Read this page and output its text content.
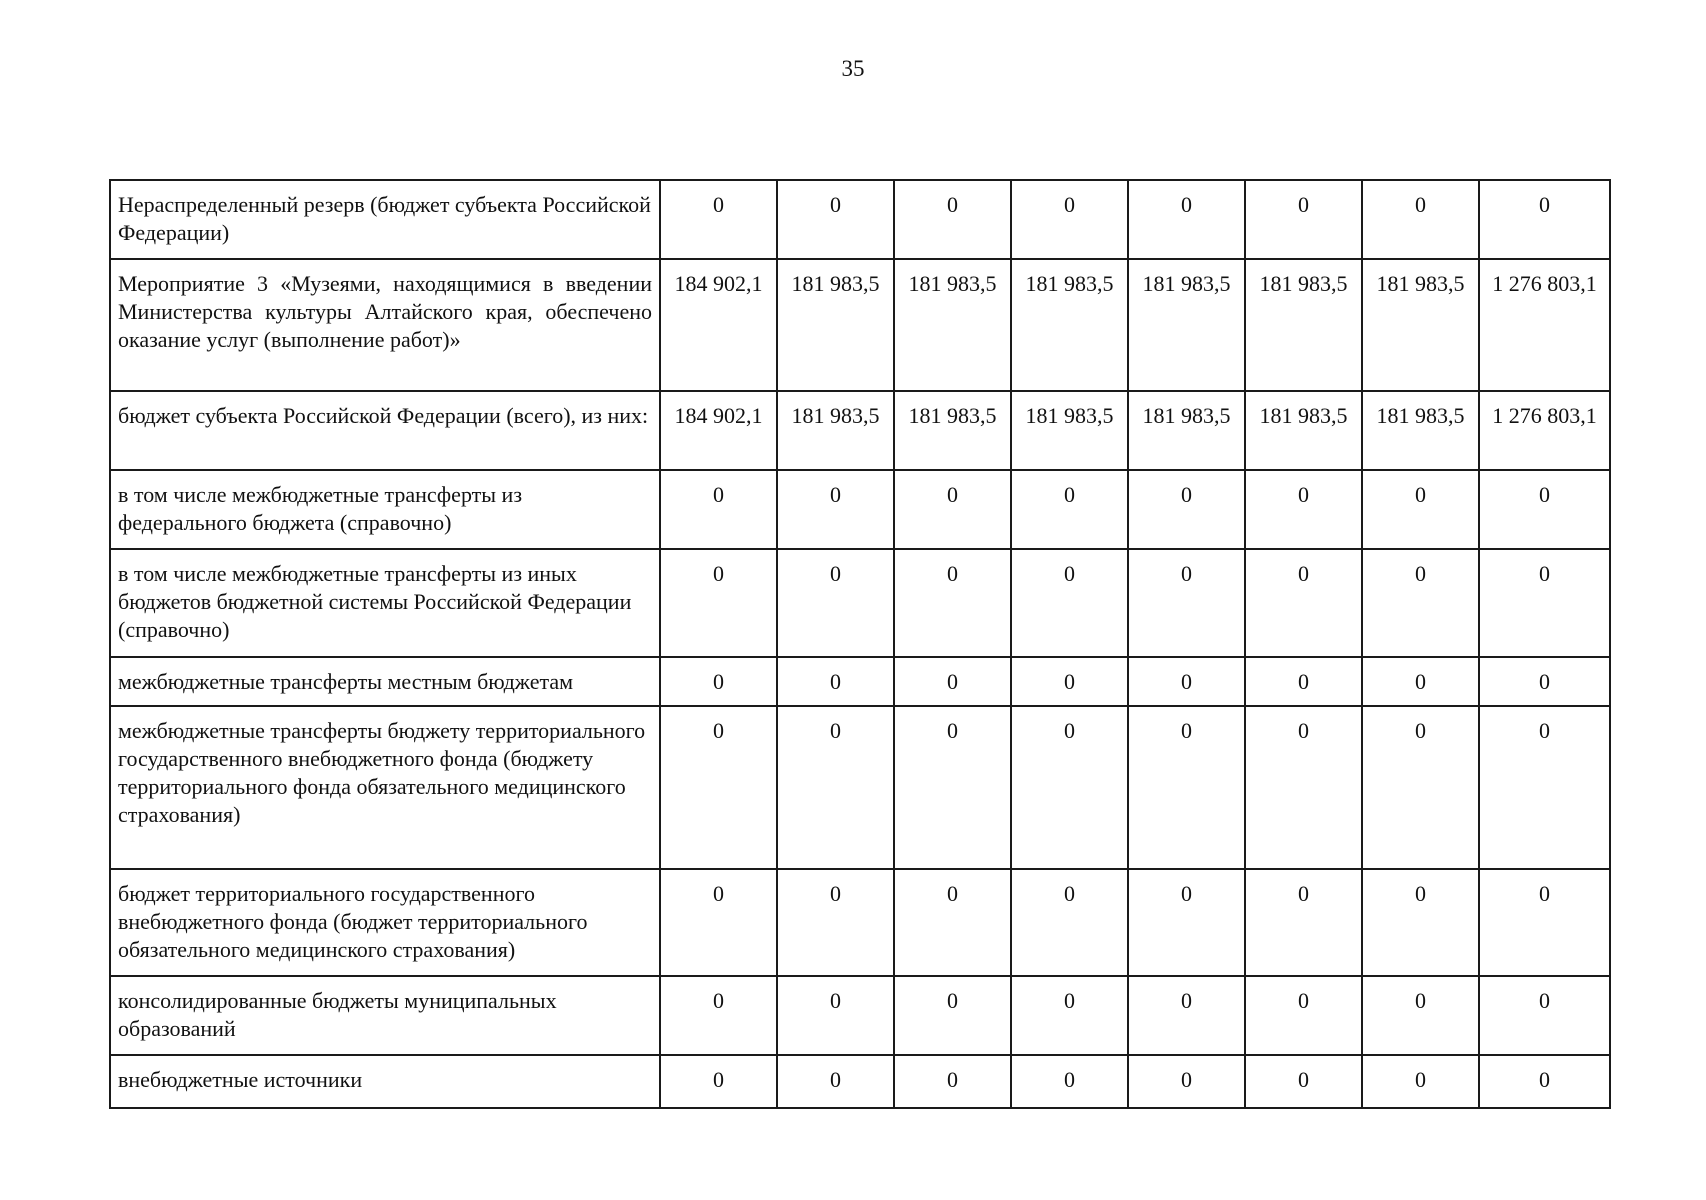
35
Нераспределенный резерв (бюджет субъекта Российской Федерации)	0	0	0	0	0	0	0	0
Мероприятие 3 «Музеями, находящимися в введении Министерства культуры Алтайского края, обеспечено оказание услуг (выполнение работ)»	184 902,1	181 983,5	181 983,5	181 983,5	181 983,5	181 983,5	181 983,5	1 276 803,1
бюджет субъекта Российской Федерации (всего), из них:	184 902,1	181 983,5	181 983,5	181 983,5	181 983,5	181 983,5	181 983,5	1 276 803,1
в том числе межбюджетные трансферты из федерального бюджета (справочно)	0	0	0	0	0	0	0	0
в том числе межбюджетные трансферты из иных бюджетов бюджетной системы Российской Федерации (справочно)	0	0	0	0	0	0	0	0
межбюджетные трансферты местным бюджетам	0	0	0	0	0	0	0	0
межбюджетные трансферты бюджету территориального государственного внебюджетного фонда (бюджету территориального фонда обязательного медицинского страхования)	0	0	0	0	0	0	0	0
бюджет территориального государственного внебюджетного фонда (бюджет территориального обязательного медицинского страхования)	0	0	0	0	0	0	0	0
консолидированные бюджеты муниципальных образований	0	0	0	0	0	0	0	0
внебюджетные источники	0	0	0	0	0	0	0	0
